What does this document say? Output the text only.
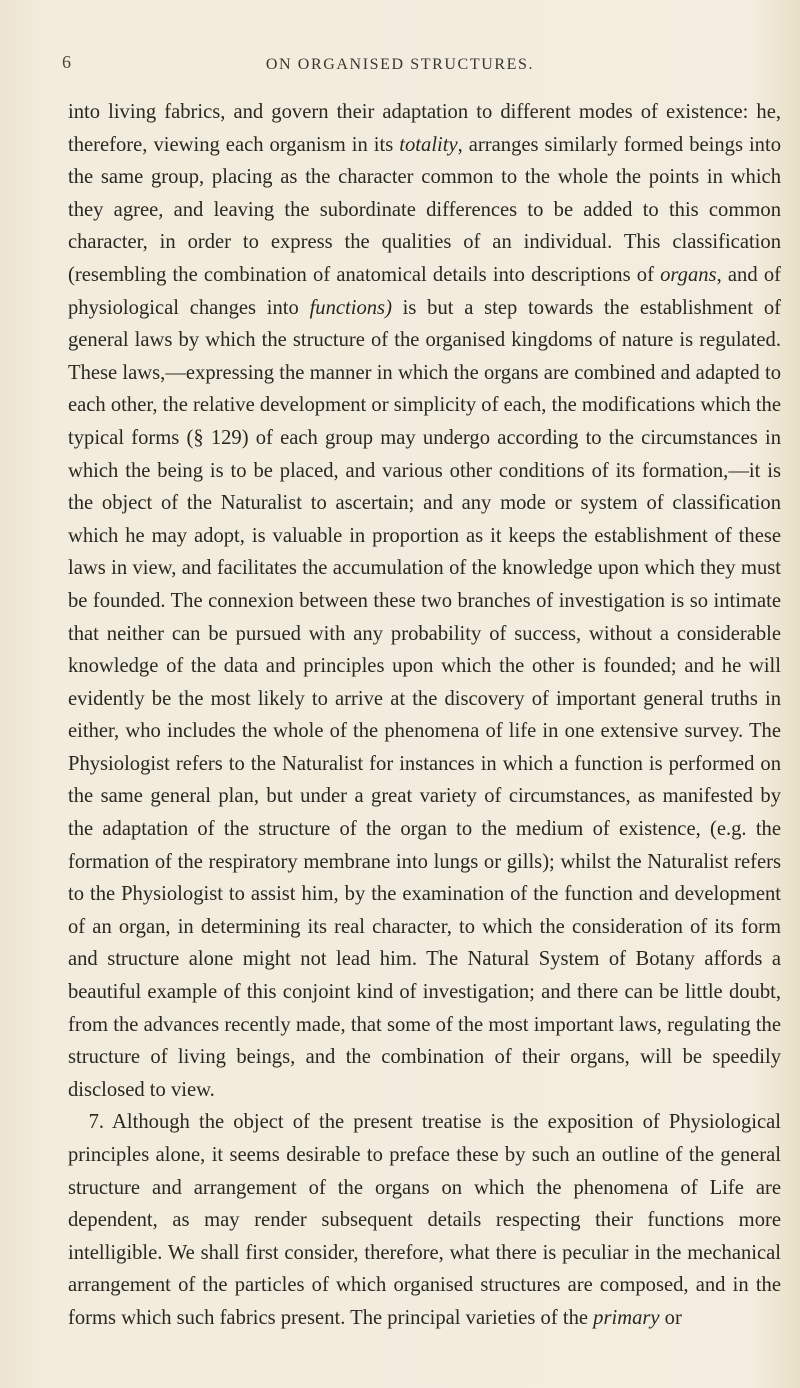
6	ON ORGANISED STRUCTURES.

into living fabrics, and govern their adaptation to different modes of existence: he, therefore, viewing each organism in its totality, arranges similarly formed beings into the same group, placing as the character common to the whole the points in which they agree, and leaving the subordinate differences to be added to this common character, in order to express the qualities of an individual. This classification (resembling the combination of anatomical details into descriptions of organs, and of physiological changes into functions) is but a step towards the establishment of general laws by which the structure of the organised kingdoms of nature is regulated. These laws,—expressing the manner in which the organs are combined and adapted to each other, the relative development or simplicity of each, the modifications which the typical forms (§ 129) of each group may undergo according to the circumstances in which the being is to be placed, and various other conditions of its formation,—it is the object of the Naturalist to ascertain; and any mode or system of classification which he may adopt, is valuable in proportion as it keeps the establishment of these laws in view, and facilitates the accumulation of the knowledge upon which they must be founded. The connexion between these two branches of investigation is so intimate that neither can be pursued with any probability of success, without a considerable knowledge of the data and principles upon which the other is founded; and he will evidently be the most likely to arrive at the discovery of important general truths in either, who includes the whole of the phenomena of life in one extensive survey. The Physiologist refers to the Naturalist for instances in which a function is performed on the same general plan, but under a great variety of circumstances, as manifested by the adaptation of the structure of the organ to the medium of existence, (e.g. the formation of the respiratory membrane into lungs or gills); whilst the Naturalist refers to the Physiologist to assist him, by the examination of the function and development of an organ, in determining its real character, to which the consideration of its form and structure alone might not lead him. The Natural System of Botany affords a beautiful example of this conjoint kind of investigation; and there can be little doubt, from the advances recently made, that some of the most important laws, regulating the structure of living beings, and the combination of their organs, will be speedily disclosed to view.

 7. Although the object of the present treatise is the exposition of Physiological principles alone, it seems desirable to preface these by such an outline of the general structure and arrangement of the organs on which the phenomena of Life are dependent, as may render subsequent details respecting their functions more intelligible. We shall first consider, therefore, what there is peculiar in the mechanical arrangement of the particles of which organised structures are composed, and in the forms which such fabrics present. The principal varieties of the primary or
